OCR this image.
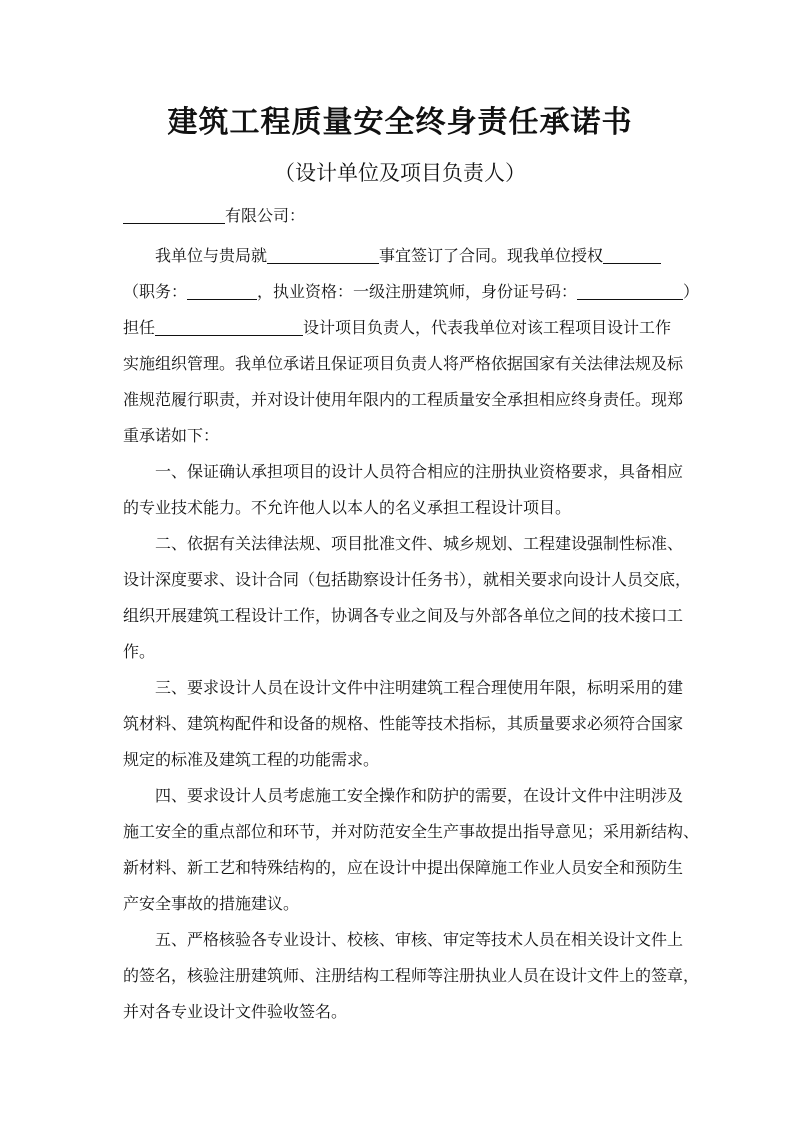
建筑工程质量安全终身责任承诺书
（设计单位及项目负责人）
有限公司：
我单位与贵局就	事宜签订了合同。现我单位授权
（职务：	，执业资格：一级注册建筑师，身份证号码：	）
担任	设计项目负责人，代表我单位对该工程项目设计工作
实施组织管理。我单位承诺且保证项目负责人将严格依据国家有关法律法规及标
准规范履行职责，并对设计使用年限内的工程质量安全承担相应终身责任。现郑
重承诺如下：
一、保证确认承担项目的设计人员符合相应的注册执业资格要求，具备相应
的专业技术能力。不允许他人以本人的名义承担工程设计项目。
二、依据有关法律法规、项目批准文件、城乡规划、工程建设强制性标准、
设计深度要求、设计合同（包括勘察设计任务书），就相关要求向设计人员交底，
组织开展建筑工程设计工作，协调各专业之间及与外部各单位之间的技术接口工
作。
三、要求设计人员在设计文件中注明建筑工程合理使用年限，标明采用的建
筑材料、建筑构配件和设备的规格、性能等技术指标，其质量要求必须符合国家
规定的标准及建筑工程的功能需求。
四、要求设计人员考虑施工安全操作和防护的需要，在设计文件中注明涉及
施工安全的重点部位和环节，并对防范安全生产事故提出指导意见；采用新结构、
新材料、新工艺和特殊结构的，应在设计中提出保障施工作业人员安全和预防生
产安全事故的措施建议。
五、严格核验各专业设计、校核、审核、审定等技术人员在相关设计文件上
的签名，核验注册建筑师、注册结构工程师等注册执业人员在设计文件上的签章，
并对各专业设计文件验收签名。
